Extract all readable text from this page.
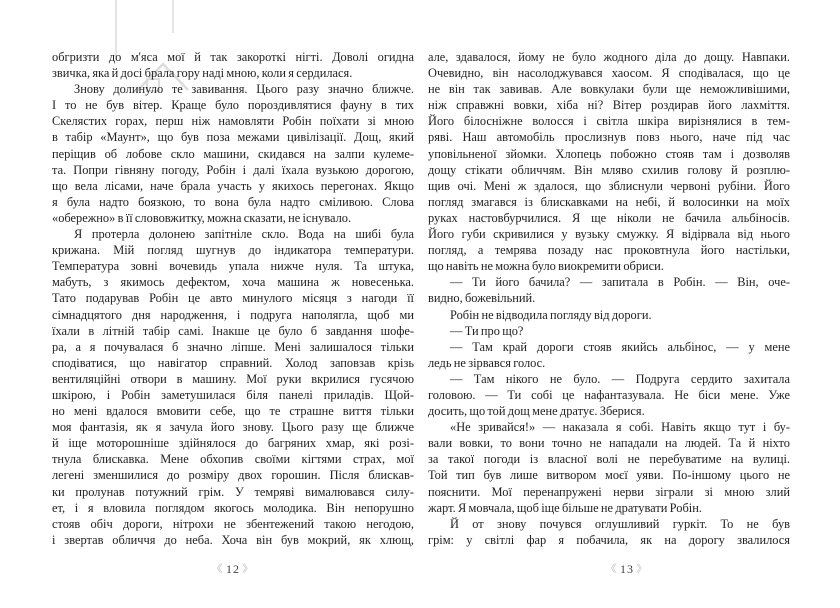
обгризти до м'яса мої й так закороткі нігті. Доволі огидна
звичка, яка й досі брала гору наді мною, коли я сердилася.
Знову долинуло те завивання. Цього разу значно ближче.
І то не був вітер. Краще було пороздивлятися фауну в тих
Скелястих горах, перш ніж намовляти Робін поїхати зі мною
в табір «Маунт», що був поза межами цивілізації. Дощ, який
періщив об лобове скло машини, скидався на залпи кулеме-
та. Попри гівняну погоду, Робін і далі їхала вузькою дорогою,
що вела лісами, наче брала участь у якихось перегонах. Якщо
я була надто боязкою, то вона була надто сміливою. Слова
«обережно» в її слововжитку, можна сказати, не існувало.
Я протерла долонею запітніле скло. Вода на шибі була
крижана. Мій погляд шугнув до індикатора температури.
Температура зовні вочевидь упала нижче нуля. Та штука,
мабуть, з якимось дефектом, хоча машина ж новесенька.
Тато подарував Робін це авто минулого місяця з нагоди її
сімнадцятого дня народження, і подруга наполягла, щоб ми
їхали в літній табір самі. Інакше це було б завдання шофе-
ра, а я почувалася б значно ліпше. Мені залишалося тільки
сподіватися, що навігатор справний. Холод заповзав крізь
вентиляційні отвори в машину. Мої руки вкрилися гусячою
шкірою, і Робін заметушилася біля панелі приладів. Щой-
но мені вдалося вмовити себе, що те страшне виття тільки
моя фантазія, як я зачула його знову. Цього разу ще ближче
й іще моторошніше здійнялося до багряних хмар, які розі-
тнула блискавка. Мене обхопив своїми кігтями страх, мої
легені зменшилися до розміру двох горошин. Після блискав-
ки пролунав потужний грім. У темряві вималювався силу-
ет, і я вловила поглядом якогось молодика. Він непорушно
стояв обіч дороги, нітрохи не збентежений такою негодою,
і звертав обличчя до неба. Хоча він був мокрий, як хлющ,
《 12 》
але, здавалося, йому не було жодного діла до дощу. Навпаки.
Очевидно, він насолоджувався хаосом. Я сподівалася, що це
не він так завивав. Але вовкулаки були ще неможливішими,
ніж справжні вовки, хіба ні? Вітер роздирав його лахміття.
Його білосніжне волосся і світла шкіра вирізнялися в тем-
ряві. Наш автомобіль прослизнув повз нього, наче під час
уповільненої зйомки. Хлопець побожно стояв там і дозволяв
дощу стікати обличчям. Він мляво схилив голову й розплю-
щив очі. Мені ж здалося, що зблиснули червоні рубіни. Його
погляд змагався із блискавками на небі, й волосинки на моїх
руках настовбурчилися. Я ще ніколи не бачила альбіносів.
Його губи скривилися у вузьку смужку. Я відірвала від нього
погляд, а темрява позаду нас проковтнула його настільки,
що навіть не можна було виокремити обриси.
— Ти його бачила? — запитала в Робін. — Він, оче-
видно, божевільний.
Робін не відводила погляду від дороги.
— Ти про що?
— Там край дороги стояв якийсь альбінос, — у мене
ледь не зірвався голос.
— Там нікого не було. — Подруга сердито захитала
головою. — Ти собі це нафантазувала. Не біси мене. Уже
досить, що той дощ мене дратує. Зберися.
«Не зривайся!» — наказала я собі. Навіть якщо тут і бу-
вали вовки, то вони точно не нападали на людей. Та й ніхто
за такої погоди із власної волі не перебуватиме на вулиці.
Той тип був лише витвором моєї уяви. По-іншому цього не
пояснити. Мої перенапружені нерви зіграли зі мною злий
жарт. Я мовчала, щоб іще більше не дратувати Робін.
Й от знову почувся оглушливий гуркіт. То не був
грім: у світлі фар я побачила, як на дорогу звалилося
《 13 》
